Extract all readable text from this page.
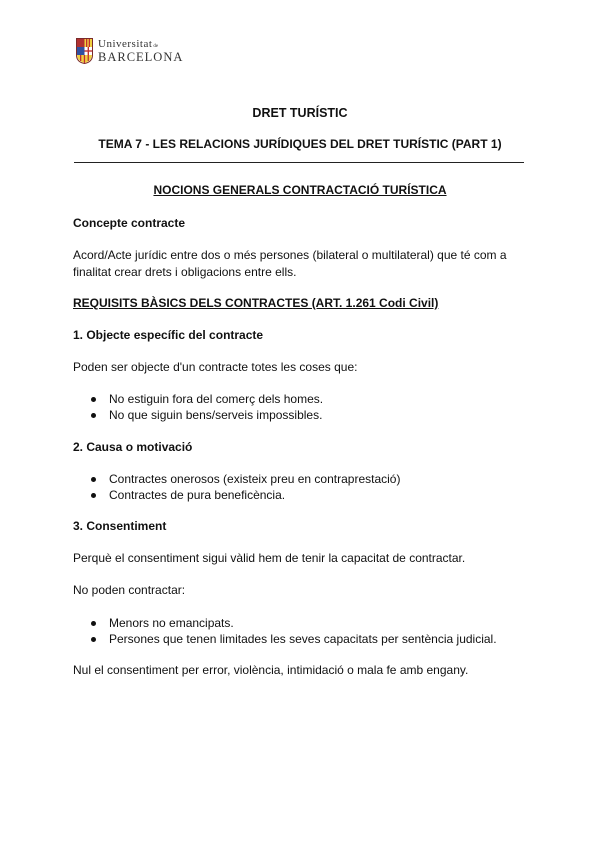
Universitat de
BARCELONA
DRET TURÍSTIC
TEMA 7 - LES RELACIONS JURÍDIQUES DEL DRET TURÍSTIC (PART 1)
NOCIONS GENERALS CONTRACTACIÓ TURÍSTICA
Concepte contracte
Acord/Acte jurídic entre dos o més persones (bilateral o multilateral) que té com a finalitat crear drets i obligacions entre ells.
REQUISITS BÀSICS DELS CONTRACTES (ART. 1.261 Codi Civil)
1. Objecte específic del contracte
Poden ser objecte d'un contracte totes les coses que:
No estiguin fora del comerç dels homes.
No que siguin bens/serveis impossibles.
2. Causa o motivació
Contractes onerosos (existeix preu en contraprestació)
Contractes de pura beneficència.
3. Consentiment
Perquè el consentiment sigui vàlid hem de tenir la capacitat de contractar.
No poden contractar:
Menors no emancipats.
Persones que tenen limitades les seves capacitats per sentència judicial.
Nul el consentiment per error, violència, intimidació o mala fe amb engany.
